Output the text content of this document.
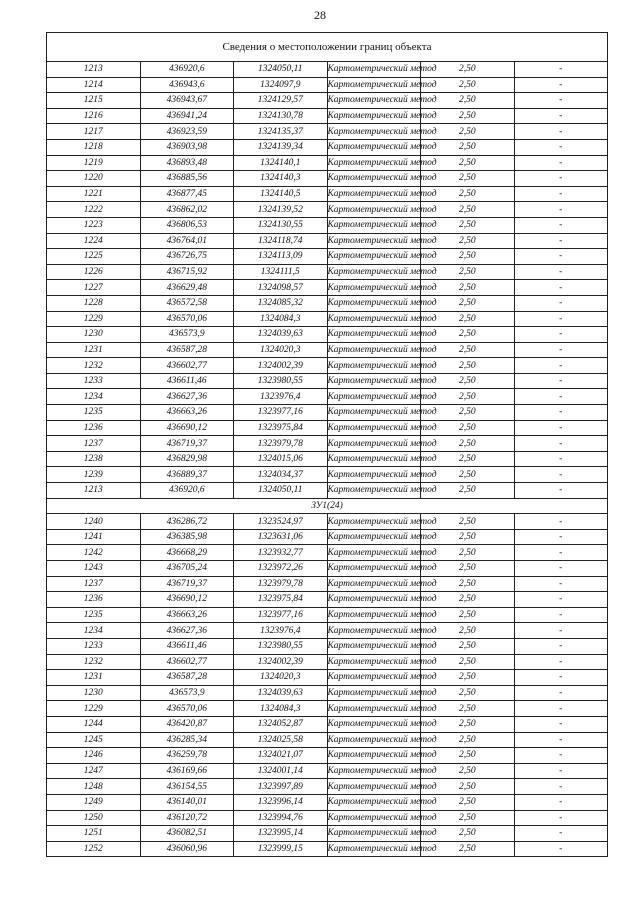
28
Сведения о местоположении границ объекта					
1213	436920,6	1324050,11	Картометрический метод	2,50	-
1214	436943,6	1324097,9	Картометрический метод	2,50	-
1215	436943,67	1324129,57	Картометрический метод	2,50	-
1216	436941,24	1324130,78	Картометрический метод	2,50	-
1217	436923,59	1324135,37	Картометрический метод	2,50	-
1218	436903,98	1324139,34	Картометрический метод	2,50	-
1219	436893,48	1324140,1	Картометрический метод	2,50	-
1220	436885,56	1324140,3	Картометрический метод	2,50	-
1221	436877,45	1324140,5	Картометрический метод	2,50	-
1222	436862,02	1324139,52	Картометрический метод	2,50	-
1223	436806,53	1324130,55	Картометрический метод	2,50	-
1224	436764,01	1324118,74	Картометрический метод	2,50	-
1225	436726,75	1324113,09	Картометрический метод	2,50	-
1226	436715,92	1324111,5	Картометрический метод	2,50	-
1227	436629,48	1324098,57	Картометрический метод	2,50	-
1228	436572,58	1324085,32	Картометрический метод	2,50	-
1229	436570,06	1324084,3	Картометрический метод	2,50	-
1230	436573,9	1324039,63	Картометрический метод	2,50	-
1231	436587,28	1324020,3	Картометрический метод	2,50	-
1232	436602,77	1324002,39	Картометрический метод	2,50	-
1233	436611,46	1323980,55	Картометрический метод	2,50	-
1234	436627,36	1323976,4	Картометрический метод	2,50	-
1235	436663,26	1323977,16	Картометрический метод	2,50	-
1236	436690,12	1323975,84	Картометрический метод	2,50	-
1237	436719,37	1323979,78	Картометрический метод	2,50	-
1238	436829,98	1324015,06	Картометрический метод	2,50	-
1239	436889,37	1324034,37	Картометрический метод	2,50	-
1213	436920,6	1324050,11	Картометрический метод	2,50	-
ЗУ1(24)					
1240	436286,72	1323524,97	Картометрический метод	2,50	-
1241	436385,98	1323631,06	Картометрический метод	2,50	-
1242	436668,29	1323932,77	Картометрический метод	2,50	-
1243	436705,24	1323972,26	Картометрический метод	2,50	-
1237	436719,37	1323979,78	Картометрический метод	2,50	-
1236	436690,12	1323975,84	Картометрический метод	2,50	-
1235	436663,26	1323977,16	Картометрический метод	2,50	-
1234	436627,36	1323976,4	Картометрический метод	2,50	-
1233	436611,46	1323980,55	Картометрический метод	2,50	-
1232	436602,77	1324002,39	Картометрический метод	2,50	-
1231	436587,28	1324020,3	Картометрический метод	2,50	-
1230	436573,9	1324039,63	Картометрический метод	2,50	-
1229	436570,06	1324084,3	Картометрический метод	2,50	-
1244	436420,87	1324052,87	Картометрический метод	2,50	-
1245	436285,34	1324025,58	Картометрический метод	2,50	-
1246	436259,78	1324021,07	Картометрический метод	2,50	-
1247	436169,66	1324001,14	Картометрический метод	2,50	-
1248	436154,55	1323997,89	Картометрический метод	2,50	-
1249	436140,01	1323996,14	Картометрический метод	2,50	-
1250	436120,72	1323994,76	Картометрический метод	2,50	-
1251	436082,51	1323995,14	Картометрический метод	2,50	-
1252	436060,96	1323999,15	Картометрический метод	2,50	-
